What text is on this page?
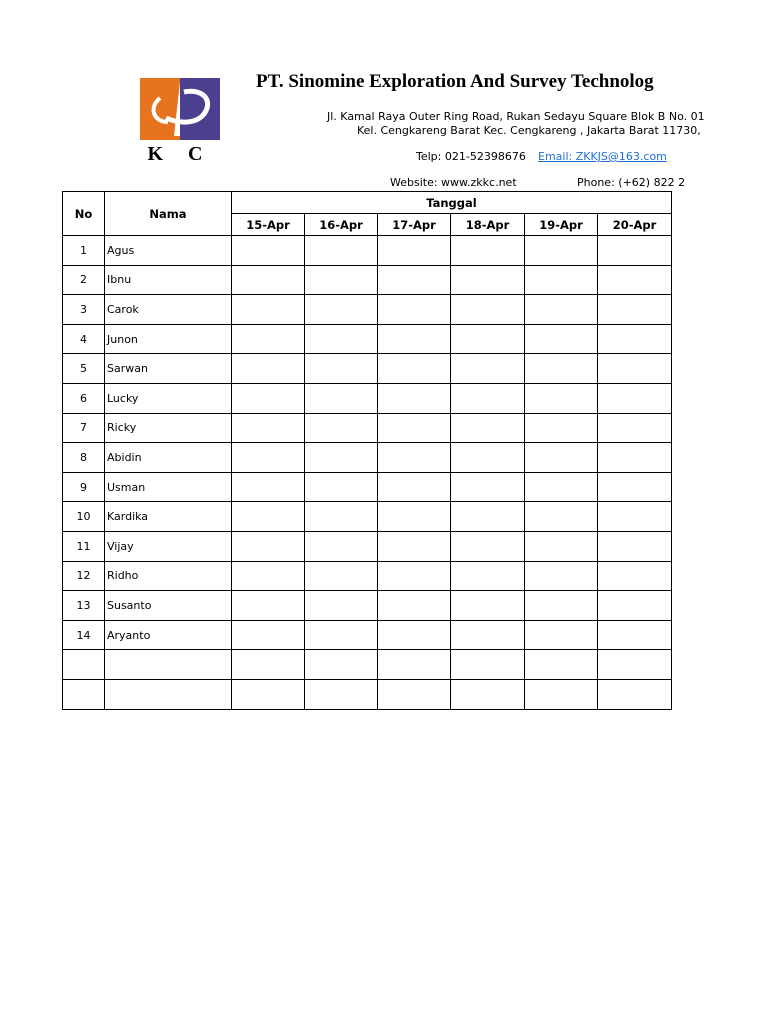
K C
PT. Sinomine Exploration And Survey Technolog
Jl. Kamal Raya Outer Ring Road, Rukan Sedayu Square Blok B No. 01
Kel. Cengkareng Barat Kec. Cengkareng , Jakarta Barat 11730,
Telp: 021-52398676 Email: ZKKJS@163.com
Website: www.zkkc.net	Phone: (+62) 822 2
No	Nama	Tanggal					
		15-Apr	16-Apr	17-Apr	18-Apr	19-Apr	20-Apr
1	Agus						
2	Ibnu						
3	Carok						
4	Junon						
5	Sarwan						
6	Lucky						
7	Ricky						
8	Abidin						
9	Usman						
10	Kardika						
11	Vijay						
12	Ridho						
13	Susanto						
14	Aryanto						
